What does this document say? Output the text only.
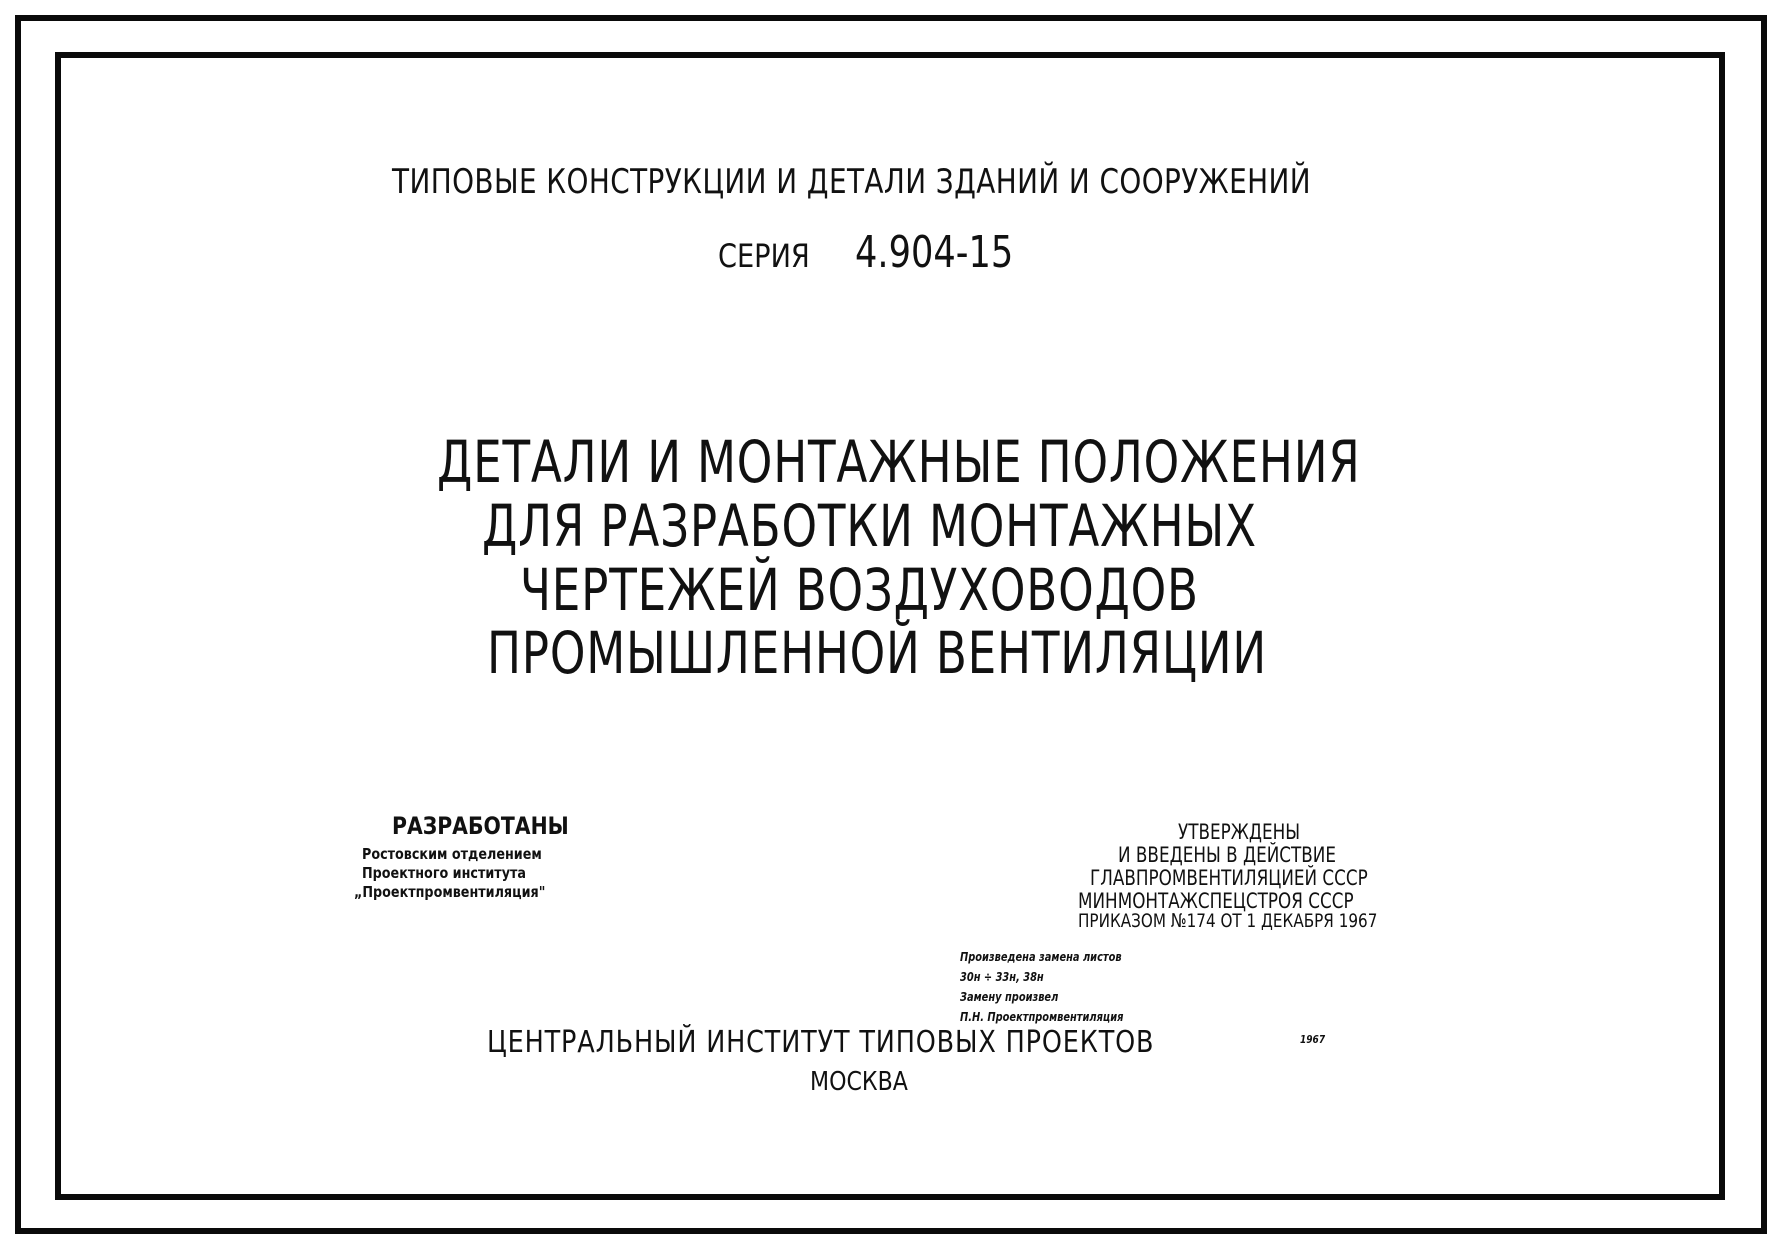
ТИПОВЫЕ КОНСТРУКЦИИ И ДЕТАЛИ ЗДАНИЙ И СООРУЖЕНИЙ
СЕРИЯ 4.904-15
ДЕТАЛИ И МОНТАЖНЫЕ ПОЛОЖЕНИЯ
ДЛЯ РАЗРАБОТКИ МОНТАЖНЫХ
ЧЕРТЕЖЕЙ ВОЗДУХОВОДОВ
ПРОМЫШЛЕННОЙ ВЕНТИЛЯЦИИ
РАЗРАБОТАНЫ
Ростовским отделением
Проектного института
„Проектпромвентиляция"
УТВЕРЖДЕНЫ
И ВВЕДЕНЫ В ДЕЙСТВИЕ
ГЛАВПРОМВЕНТИЛЯЦИЕЙ СССР
МИНМОНТАЖСПЕЦСТРОЯ СССР
ПРИКАЗОМ №174 ОТ 1 ДЕКАБРЯ 1967
Произведена замена листов
30н ÷ 33н, 38н
Замену произвел
П.Н. Проектпромвентиляция
1967
ЦЕНТРАЛЬНЫЙ ИНСТИТУТ ТИПОВЫХ ПРОЕКТОВ
МОСКВА
